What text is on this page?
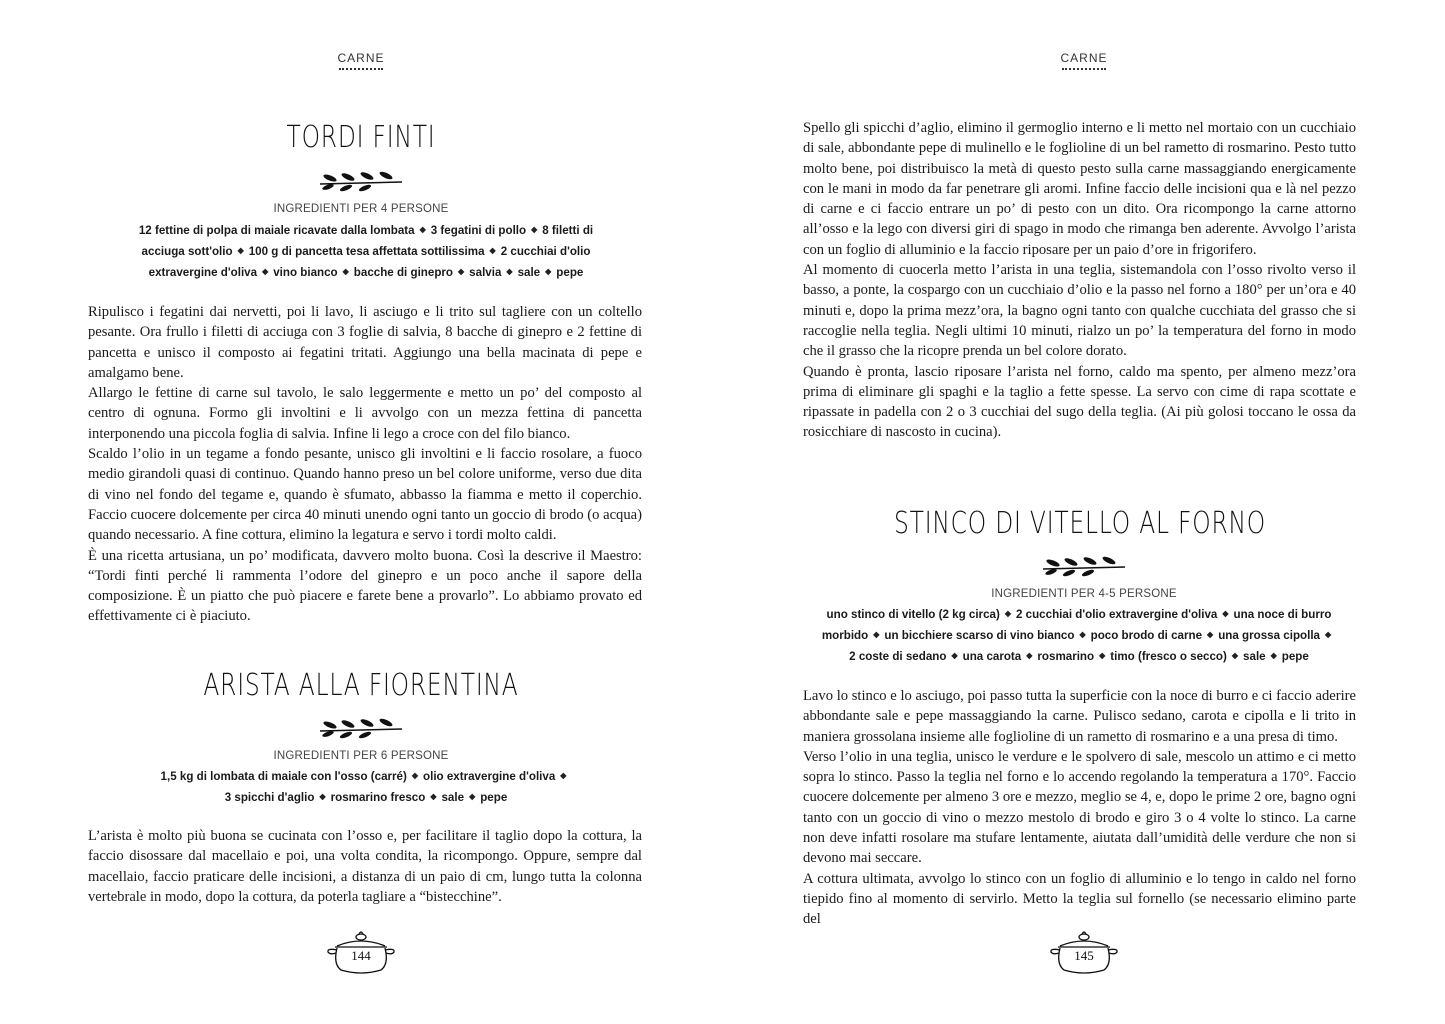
CARNE
TORDI FINTI
INGREDIENTI PER 4 PERSONE
12 fettine di polpa di maiale ricavate dalla lombata ◆ 3 fegatini di pollo ◆ 8 filetti di
acciuga sott'olio ◆ 100 g di pancetta tesa affettata sottilissima ◆ 2 cucchiai d'olio
extravergine d'oliva ◆ vino bianco ◆ bacche di ginepro ◆ salvia ◆ sale ◆ pepe

Ripulisco i fegatini dai nervetti, poi li lavo, li asciugo e li trito sul tagliere con un coltello pesante. Ora frullo i filetti di acciuga con 3 foglie di salvia, 8 bacche di ginepro e 2 fettine di pancetta e unisco il composto ai fegatini tritati. Aggiungo una bella macinata di pepe e amalgamo bene.

Allargo le fettine di carne sul tavolo, le salo leggermente e metto un po’ del composto al centro di ognuna. Formo gli involtini e li avvolgo con un mezza fettina di pancetta interponendo una piccola foglia di salvia. Infine li lego a croce con del filo bianco.

Scaldo l’olio in un tegame a fondo pesante, unisco gli involtini e li faccio rosolare, a fuoco medio girandoli quasi di continuo. Quando hanno preso un bel colore uniforme, verso due dita di vino nel fondo del tegame e, quando è sfumato, abbasso la fiamma e metto il coperchio. Faccio cuocere dolcemente per circa 40 minuti unendo ogni tanto un goccio di brodo (o acqua) quando necessario. A fine cottura, elimino la legatura e servo i tordi molto caldi.

È una ricetta artusiana, un po’ modificata, davvero molto buona. Così la descrive il Maestro: “Tordi finti perché li rammenta l’odore del ginepro e un poco anche il sapore della composizione. È un piatto che può piacere e farete bene a provarlo”. Lo abbiamo provato ed effettivamente ci è piaciuto.

ARISTA ALLA FIORENTINA
INGREDIENTI PER 6 PERSONE
1,5 kg di lombata di maiale con l'osso (carré) ◆ olio extravergine d'oliva ◆
3 spicchi d'aglio ◆ rosmarino fresco ◆ sale ◆ pepe

L’arista è molto più buona se cucinata con l’osso e, per facilitare il taglio dopo la cottura, la faccio disossare dal macellaio e poi, una volta condita, la ricompongo. Oppure, sempre dal macellaio, faccio praticare delle incisioni, a distanza di un paio di cm, lungo tutta la colonna vertebrale in modo, dopo la cottura, da poterla tagliare a “bistecchine”.

144
CARNE

Spello gli spicchi d’aglio, elimino il germoglio interno e li metto nel mortaio con un cucchiaio di sale, abbondante pepe di mulinello e le foglioline di un bel rametto di rosmarino. Pesto tutto molto bene, poi distribuisco la metà di questo pesto sulla carne massaggiando energicamente con le mani in modo da far penetrare gli aromi. Infine faccio delle incisioni qua e là nel pezzo di carne e ci faccio entrare un po’ di pesto con un dito. Ora ricompongo la carne attorno all’osso e la lego con diversi giri di spago in modo che rimanga ben aderente. Avvolgo l’arista con un foglio di alluminio e la faccio riposare per un paio d’ore in frigorifero.

Al momento di cuocerla metto l’arista in una teglia, sistemandola con l’osso rivolto verso il basso, a ponte, la cospargo con un cucchiaio d’olio e la passo nel forno a 180° per un’ora e 40 minuti e, dopo la prima mezz’ora, la bagno ogni tanto con qualche cucchiata del grasso che si raccoglie nella teglia. Negli ultimi 10 minuti, rialzo un po’ la temperatura del forno in modo che il grasso che la ricopre prenda un bel colore dorato.

Quando è pronta, lascio riposare l’arista nel forno, caldo ma spento, per almeno mezz’ora prima di eliminare gli spaghi e la taglio a fette spesse. La servo con cime di rapa scottate e ripassate in padella con 2 o 3 cucchiai del sugo della teglia. (Ai più golosi toccano le ossa da rosicchiare di nascosto in cucina).

STINCO DI VITELLO AL FORNO
INGREDIENTI PER 4-5 PERSONE
uno stinco di vitello (2 kg circa) ◆ 2 cucchiai d'olio extravergine d'oliva ◆ una noce di burro
morbido ◆ un bicchiere scarso di vino bianco ◆ poco brodo di carne ◆ una grossa cipolla ◆
2 coste di sedano ◆ una carota ◆ rosmarino ◆ timo (fresco o secco) ◆ sale ◆ pepe

Lavo lo stinco e lo asciugo, poi passo tutta la superficie con la noce di burro e ci faccio aderire abbondante sale e pepe massaggiando la carne. Pulisco sedano, carota e cipolla e li trito in maniera grossolana insieme alle foglioline di un rametto di rosmarino e a una presa di timo.

Verso l’olio in una teglia, unisco le verdure e le spolvero di sale, mescolo un attimo e ci metto sopra lo stinco. Passo la teglia nel forno e lo accendo regolando la temperatura a 170°. Faccio cuocere dolcemente per almeno 3 ore e mezzo, meglio se 4, e, dopo le prime 2 ore, bagno ogni tanto con un goccio di vino o mezzo mestolo di brodo e giro 3 o 4 volte lo stinco. La carne non deve infatti rosolare ma stufare lentamente, aiutata dall’umidità delle verdure che non si devono mai seccare.

A cottura ultimata, avvolgo lo stinco con un foglio di alluminio e lo tengo in caldo nel forno tiepido fino al momento di servirlo. Metto la teglia sul fornello (se necessario elimino parte del

145
